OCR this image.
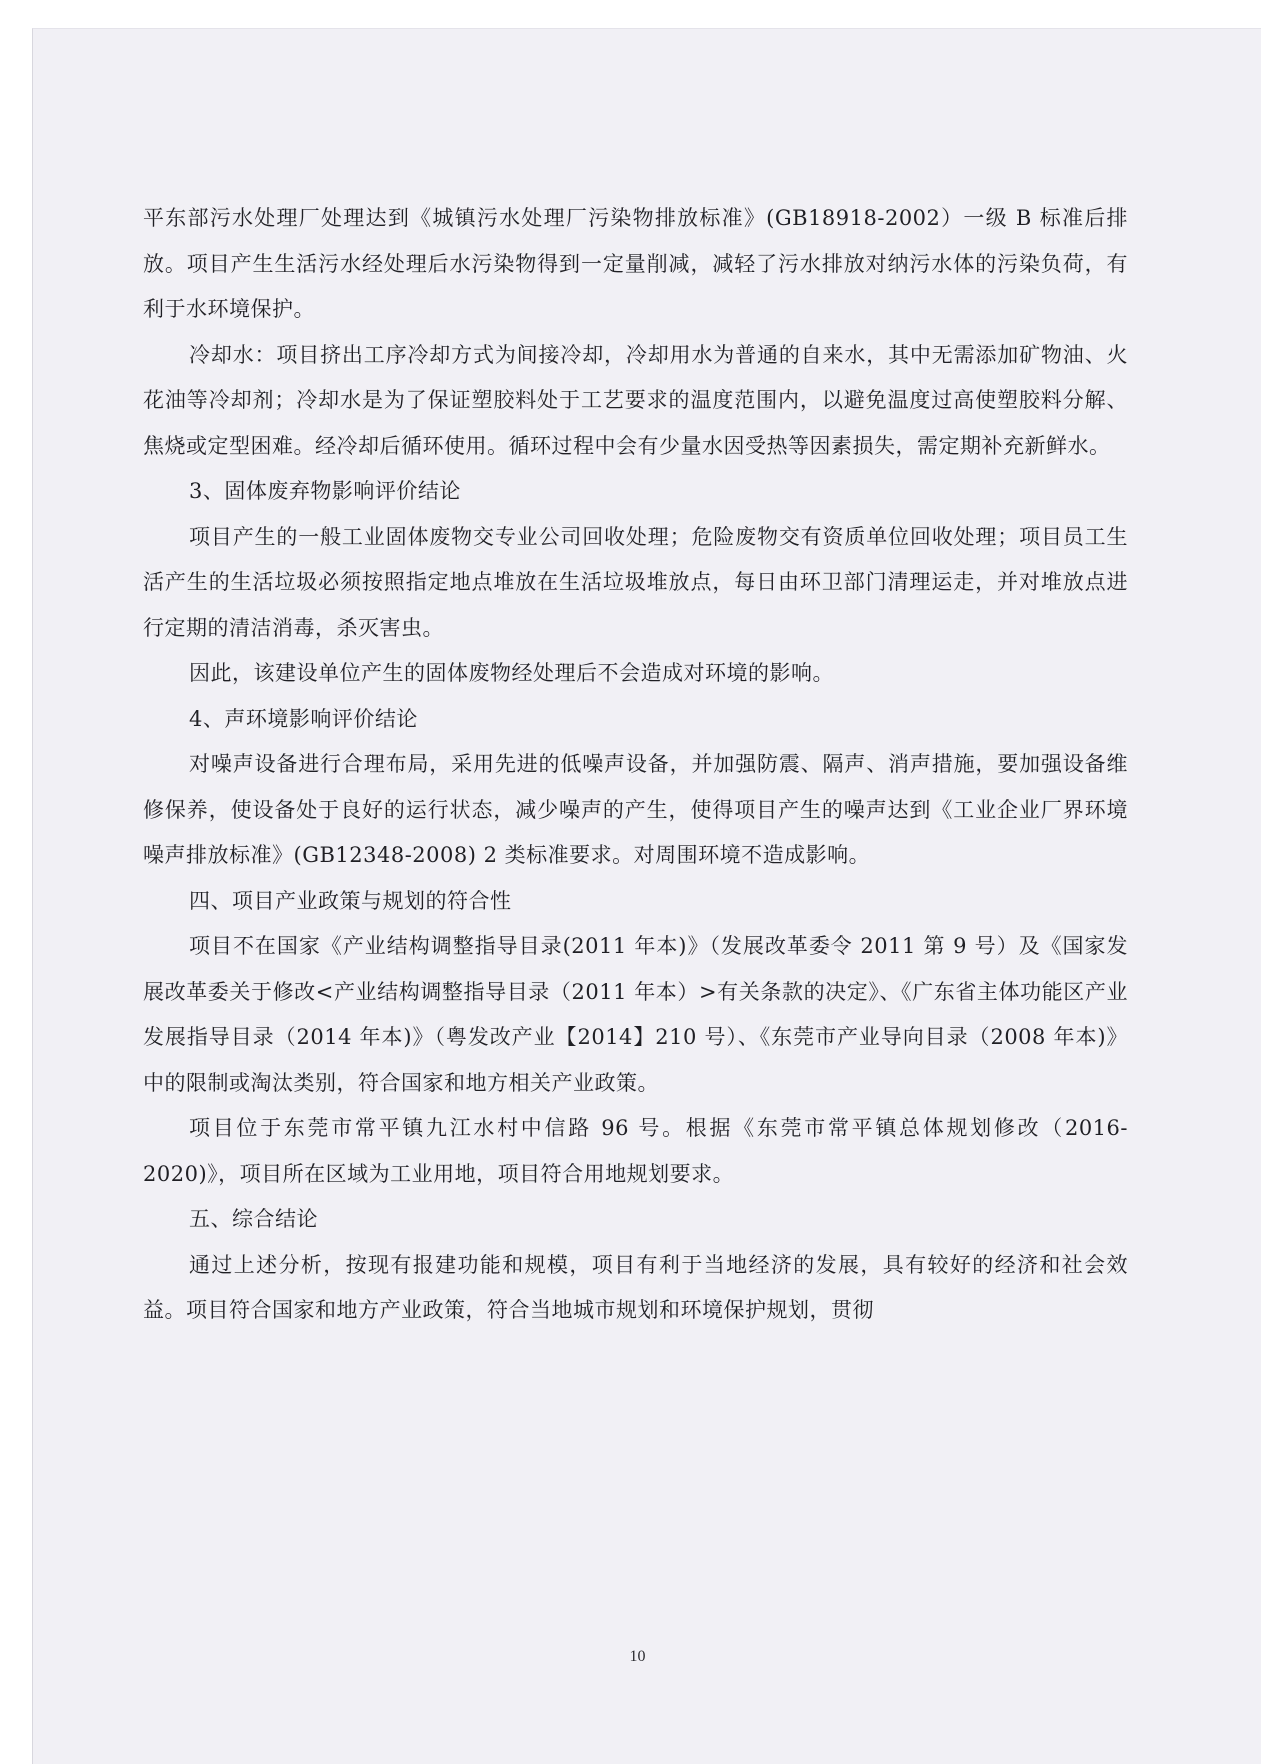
平东部污水处理厂处理达到《城镇污水处理厂污染物排放标准》(GB18918-2002）一级 B 标准后排放。项目产生生活污水经处理后水污染物得到一定量削减，减轻了污水排放对纳污水体的污染负荷，有利于水环境保护。

冷却水：项目挤出工序冷却方式为间接冷却，冷却用水为普通的自来水，其中无需添加矿物油、火花油等冷却剂；冷却水是为了保证塑胶料处于工艺要求的温度范围内，以避免温度过高使塑胶料分解、焦烧或定型困难。经冷却后循环使用。循环过程中会有少量水因受热等因素损失，需定期补充新鲜水。

3、固体废弃物影响评价结论

项目产生的一般工业固体废物交专业公司回收处理；危险废物交有资质单位回收处理；项目员工生活产生的生活垃圾必须按照指定地点堆放在生活垃圾堆放点，每日由环卫部门清理运走，并对堆放点进行定期的清洁消毒，杀灭害虫。

因此，该建设单位产生的固体废物经处理后不会造成对环境的影响。

4、声环境影响评价结论

对噪声设备进行合理布局，采用先进的低噪声设备，并加强防震、隔声、消声措施，要加强设备维修保养，使设备处于良好的运行状态，减少噪声的产生，使得项目产生的噪声达到《工业企业厂界环境噪声排放标准》(GB12348-2008) 2 类标准要求。对周围环境不造成影响。

四、项目产业政策与规划的符合性

项目不在国家《产业结构调整指导目录(2011 年本)》（发展改革委令 2011 第 9 号）及《国家发展改革委关于修改<产业结构调整指导目录（2011 年本）>有关条款的决定》、《广东省主体功能区产业发展指导目录（2014 年本)》（粤发改产业【2014】210 号）、《东莞市产业导向目录（2008 年本)》中的限制或淘汰类别，符合国家和地方相关产业政策。

项目位于东莞市常平镇九江水村中信路 96 号。根据《东莞市常平镇总体规划修改（2016-2020)》，项目所在区域为工业用地，项目符合用地规划要求。

五、综合结论

通过上述分析，按现有报建功能和规模，项目有利于当地经济的发展，具有较好的经济和社会效益。项目符合国家和地方产业政策，符合当地城市规划和环境保护规划，贯彻

10
